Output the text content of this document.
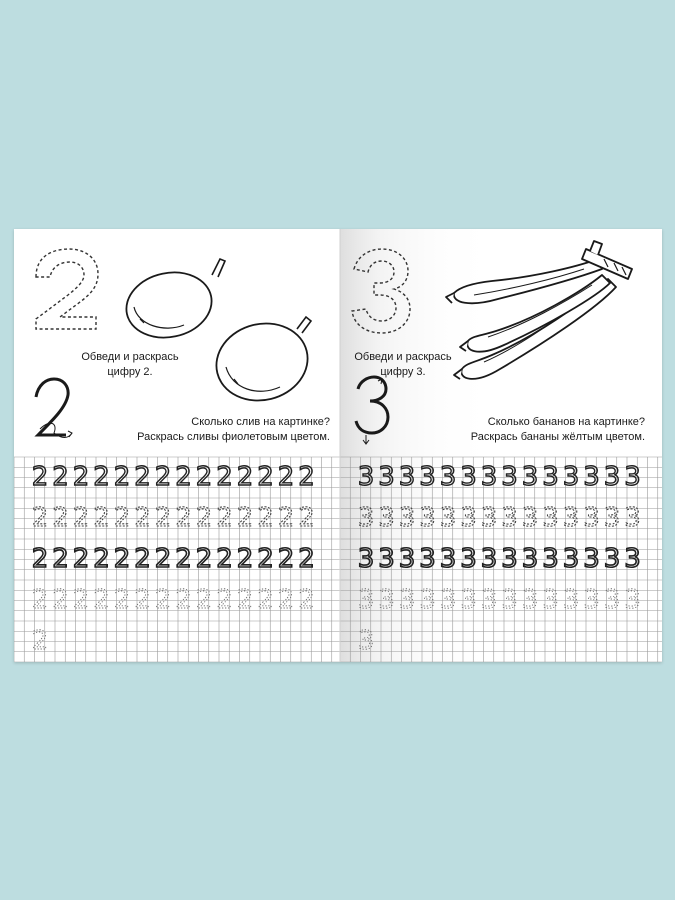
2 2 2 2 2 2 2 2 2 2 2 2 2 2
2 2 2 2 2 2 2 2 2 2 2 2 2 2
2 2 2 2 2 2 2 2 2 2 2 2 2 2
2 2 2 2 2 2 2 2 2 2 2 2 2 2
2
3 3 3 3 3 3 3 3 3 3 3 3 3 3
3 3 3 3 3 3 3 3 3 3 3 3 3 3
3 3 3 3 3 3 3 3 3 3 3 3 3 3
3 3 3 3 3 3 3 3 3 3 3 3 3 3
3

Обведи и раскрась
цифру 2.

Сколько слив на картинке?
Раскрась сливы фиолетовым цветом.

Обведи и раскрась
цифру 3.

Сколько бананов на картинке?
Раскрась бананы жёлтым цветом.
